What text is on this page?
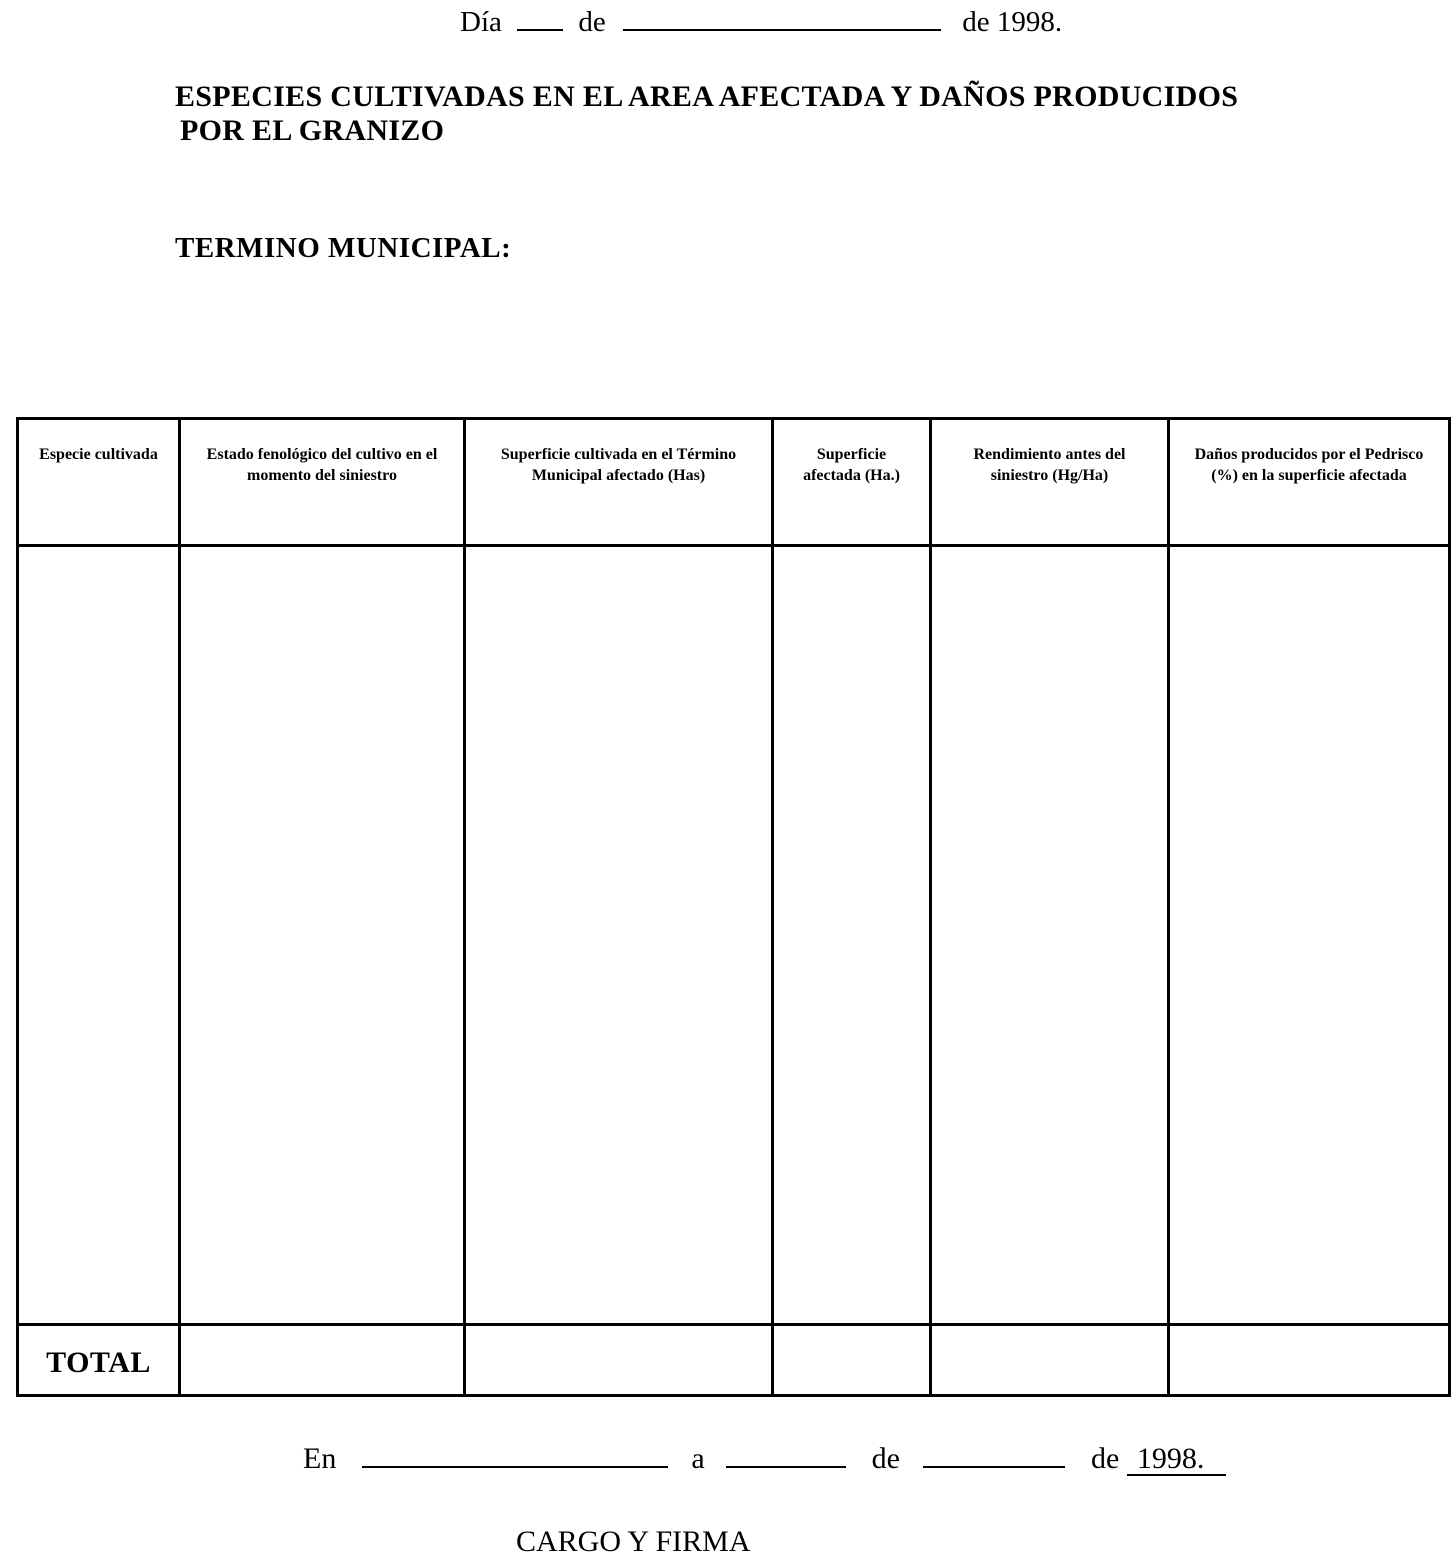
Día	de	de 1998.
ESPECIES CULTIVADAS EN EL AREA AFECTADA Y DAÑOS PRODUCIDOS
POR EL GRANIZO
TERMINO MUNICIPAL:
Especie cultivada	Estado fenológico del cultivo en el momento del siniestro	Superficie cultivada en el Término Municipal afectado (Has)	Superficie afectada (Ha.)	Rendimiento antes del siniestro (Hg/Ha)	Daños producidos por el Pedrisco (%) en la superficie afectada

TOTAL					
En	a	de	de 1998.
CARGO Y FIRMA
